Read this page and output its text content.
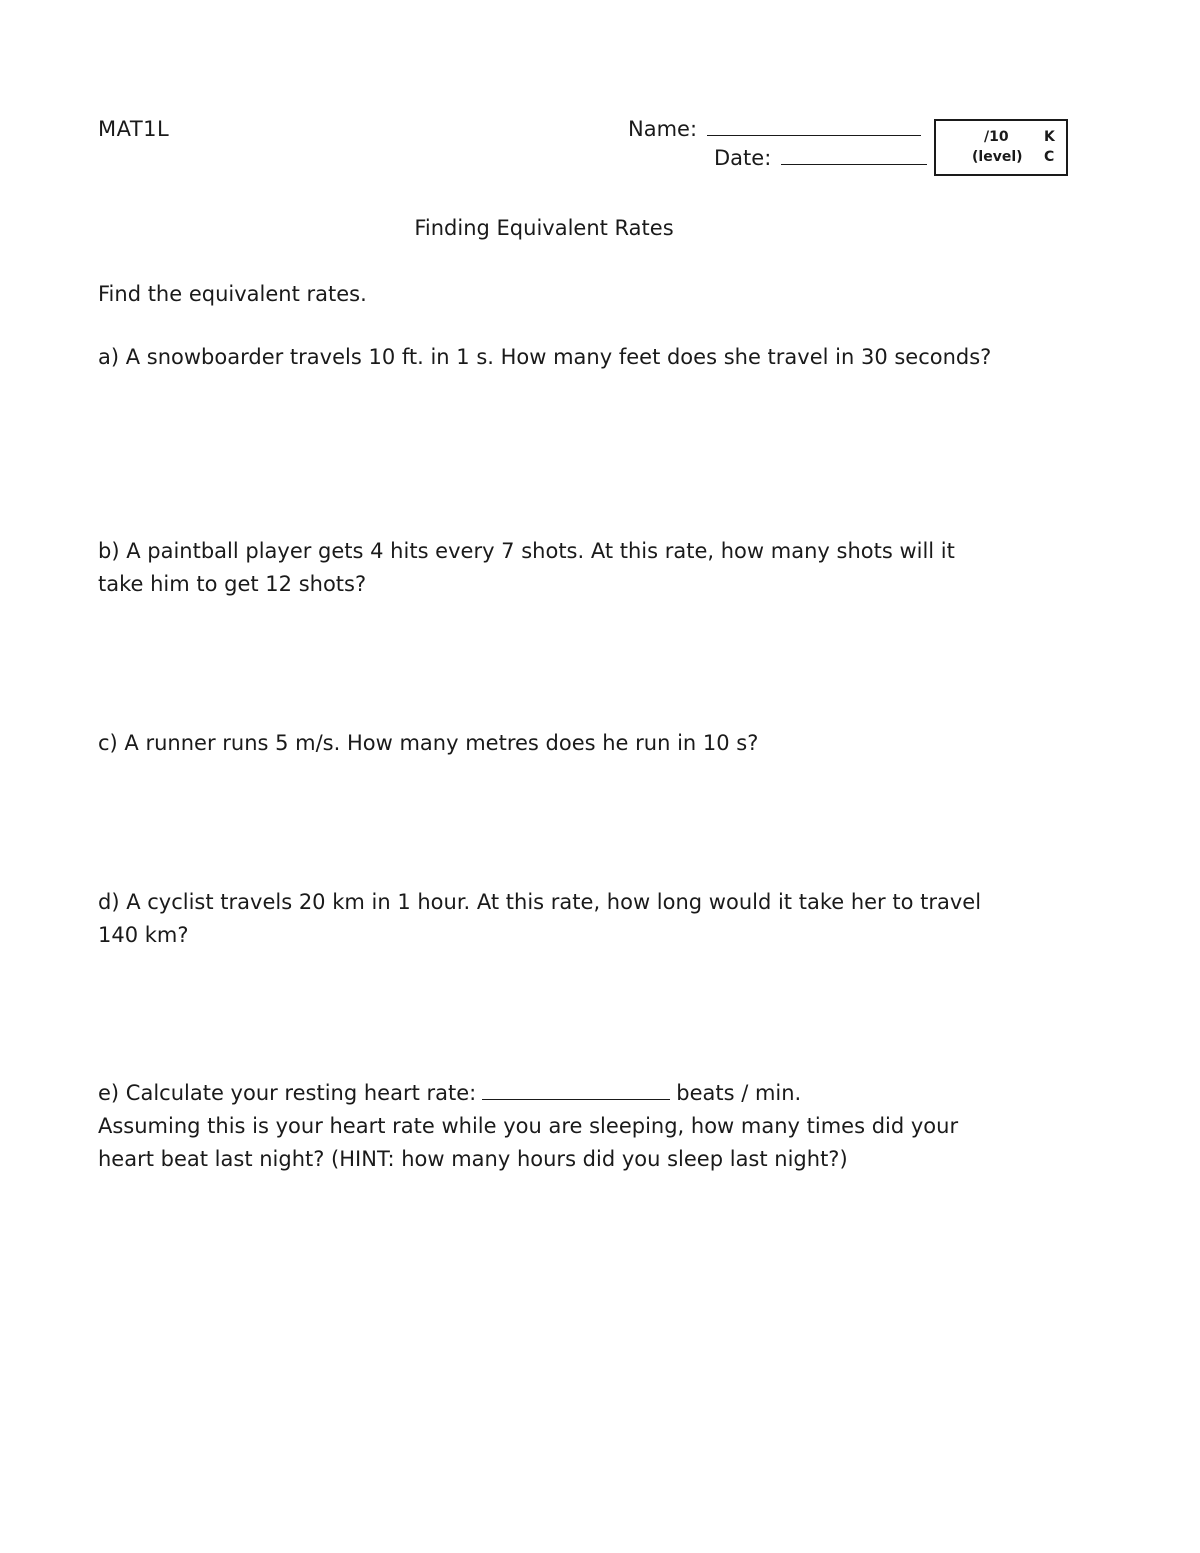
MAT1L	Name:
Date:
/10	K
(level) C
Finding Equivalent Rates
Find the equivalent rates.
a) A snowboarder travels 10 ft. in 1 s. How many feet does she travel in 30 seconds?
b) A paintball player gets 4 hits every 7 shots. At this rate, how many shots will it take him to get 12 shots?
c) A runner runs 5 m/s. How many metres does he run in 10 s?
d) A cyclist travels 20 km in 1 hour. At this rate, how long would it take her to travel 140 km?
e) Calculate your resting heart rate:	beats / min.
Assuming this is your heart rate while you are sleeping, how many times did your heart beat last night? (HINT: how many hours did you sleep last night?)
